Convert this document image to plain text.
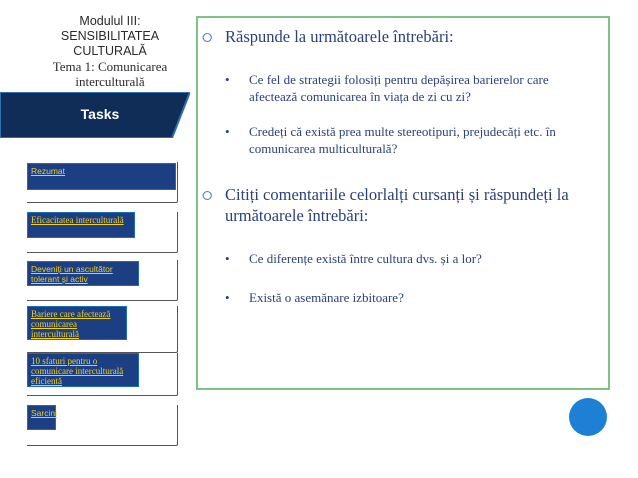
Modulul III:
SENSIBILITATEA
CULTURALĂ
Tema 1: Comunicarea
interculturală
Tasks
Rezumat
Eficacitatea interculturală
Deveniți un ascultător tolerant și activ
Bariere care afectează comunicarea interculturală
10 sfaturi pentru o comunicare interculturală eficientă
Sarcini
⭘ Răspunde la următoarele întrebări:
• Ce fel de strategii folosiți pentru depășirea barierelor care afectează comunicarea în viața de zi cu zi?
• Credeți că există prea multe stereotipuri, prejudecăți etc. în comunicarea multiculturală?
⭘ Citiți comentariile celorlalți cursanți și răspundeți la următoarele întrebări:
• Ce diferențe există între cultura dvs. și a lor?
• Există o asemănare izbitoare?
